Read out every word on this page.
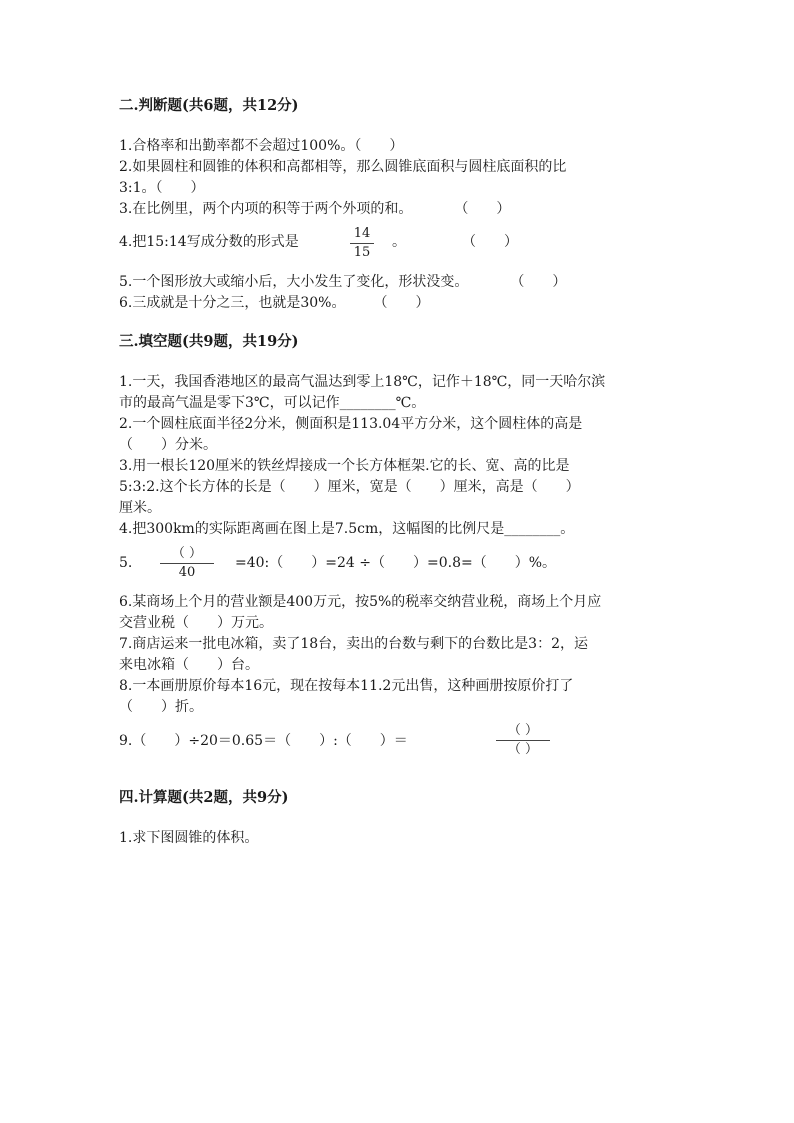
二.判断题(共6题，共12分)
1.合格率和出勤率都不会超过100%。（　　）
2.如果圆柱和圆锥的体积和高都相等，那么圆锥底面积与圆柱底面积的比
3:1。（　　）
3.在比例里，两个内项的积等于两个外项的和。　　　　（　　）
4.把15:14写成分数的形式是
14
15
。　　　　　（　　）
5.一个图形放大或缩小后，大小发生了变化，形状没变。　　　　（　　）
6.三成就是十分之三，也就是30%。　　　（　　）
三.填空题(共9题，共19分)
1.一天，我国香港地区的最高气温达到零上18℃，记作＋18℃，同一天哈尔滨
市的最高气温是零下3℃，可以记作________℃。
2.一个圆柱底面半径2分米，侧面积是113.04平方分米，这个圆柱体的高是
（　　）分米。
3.用一根长120厘米的铁丝焊接成一个长方体框架.它的长、宽、高的比是
5:3:2.这个长方体的长是（　　）厘米，宽是（　　）厘米，高是（　　）
厘米。
4.把300km的实际距离画在图上是7.5cm，这幅图的比例尺是________。
5.
（ ）
40
=40:（　　）=24 ÷（　　）=0.8=（　　）%。
6.某商场上个月的营业额是400万元，按5%的税率交纳营业税，商场上个月应
交营业税（　　）万元。
7.商店运来一批电冰箱，卖了18台，卖出的台数与剩下的台数比是3：2，运
来电冰箱（　　）台。
8.一本画册原价每本16元，现在按每本11.2元出售，这种画册按原价打了
（　　）折。
9.（　　）÷20＝0.65＝（　　）:（　　）＝
（ ）
（ ）
四.计算题(共2题，共9分)
1.求下图圆锥的体积。
